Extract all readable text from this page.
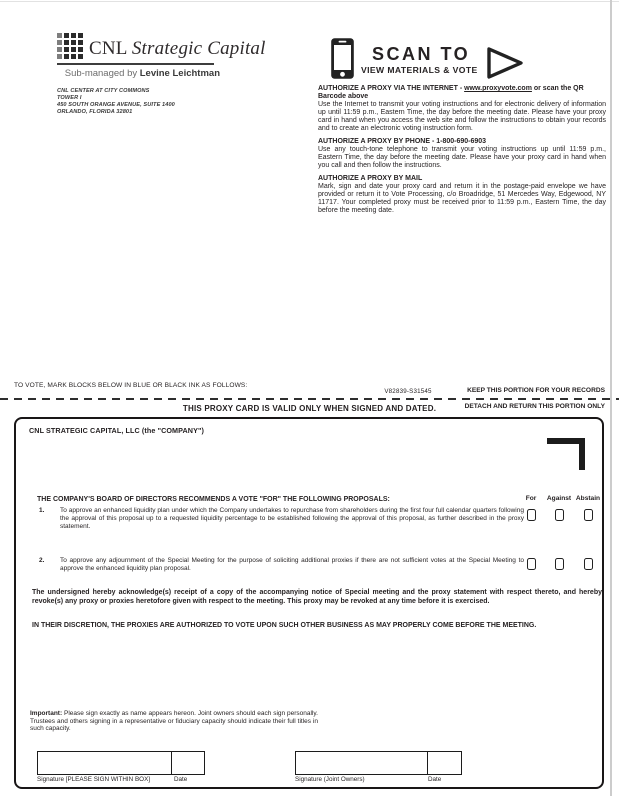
CNL Strategic Capital
Sub-managed by Levine Leichtman
CNL CENTER AT CITY COMMONS
TOWER I
450 SOUTH ORANGE AVENUE, SUITE 1400
ORLANDO, FLORIDA 32801
SCAN TO
VIEW MATERIALS & VOTE
AUTHORIZE A PROXY VIA THE INTERNET - www.proxyvote.com or scan the QR Barcode above
Use the Internet to transmit your voting instructions and for electronic delivery of information up until 11:59 p.m., Eastern Time, the day before the meeting date. Please have your proxy card in hand when you access the web site and follow the instructions to obtain your records and to create an electronic voting instruction form.
AUTHORIZE A PROXY BY PHONE - 1-800-690-6903
Use any touch-tone telephone to transmit your voting instructions up until 11:59 p.m., Eastern Time, the day before the meeting date. Please have your proxy card in hand when you call and then follow the instructions.
AUTHORIZE A PROXY BY MAIL
Mark, sign and date your proxy card and return it in the postage-paid envelope we have provided or return it to Vote Processing, c/o Broadridge, 51 Mercedes Way, Edgewood, NY 11717. Your completed proxy must be received prior to 11:59 p.m., Eastern Time, the day before the meeting date.
TO VOTE, MARK BLOCKS BELOW IN BLUE OR BLACK INK AS FOLLOWS:
V82839-S31545	KEEP THIS PORTION FOR YOUR RECORDS
THIS PROXY CARD IS VALID ONLY WHEN SIGNED AND DATED.	DETACH AND RETURN THIS PORTION ONLY
CNL STRATEGIC CAPITAL, LLC (the "COMPANY")
THE COMPANY'S BOARD OF DIRECTORS RECOMMENDS A VOTE "FOR" THE FOLLOWING PROPOSALS:	For Against Abstain
1. To approve an enhanced liquidity plan under which the Company undertakes to repurchase from shareholders during the first four full calendar quarters following the approval of this proposal up to a requested liquidity percentage to be established following the approval of this proposal, as further described in the proxy statement.
2. To approve any adjournment of the Special Meeting for the purpose of soliciting additional proxies if there are not sufficient votes at the Special Meeting to approve the enhanced liquidity plan proposal.
The undersigned hereby acknowledge(s) receipt of a copy of the accompanying notice of Special meeting and the proxy statement with respect thereto, and hereby revoke(s) any proxy or proxies heretofore given with respect to the meeting. This proxy may be revoked at any time before it is exercised.
IN THEIR DISCRETION, THE PROXIES ARE AUTHORIZED TO VOTE UPON SUCH OTHER BUSINESS AS MAY PROPERLY COME BEFORE THE MEETING.
Important: Please sign exactly as name appears hereon. Joint owners should each sign personally. Trustees and others signing in a representative or fiduciary capacity should indicate their full titles in such capacity.
Signature [PLEASE SIGN WITHIN BOX]	Date	Signature (Joint Owners)	Date
